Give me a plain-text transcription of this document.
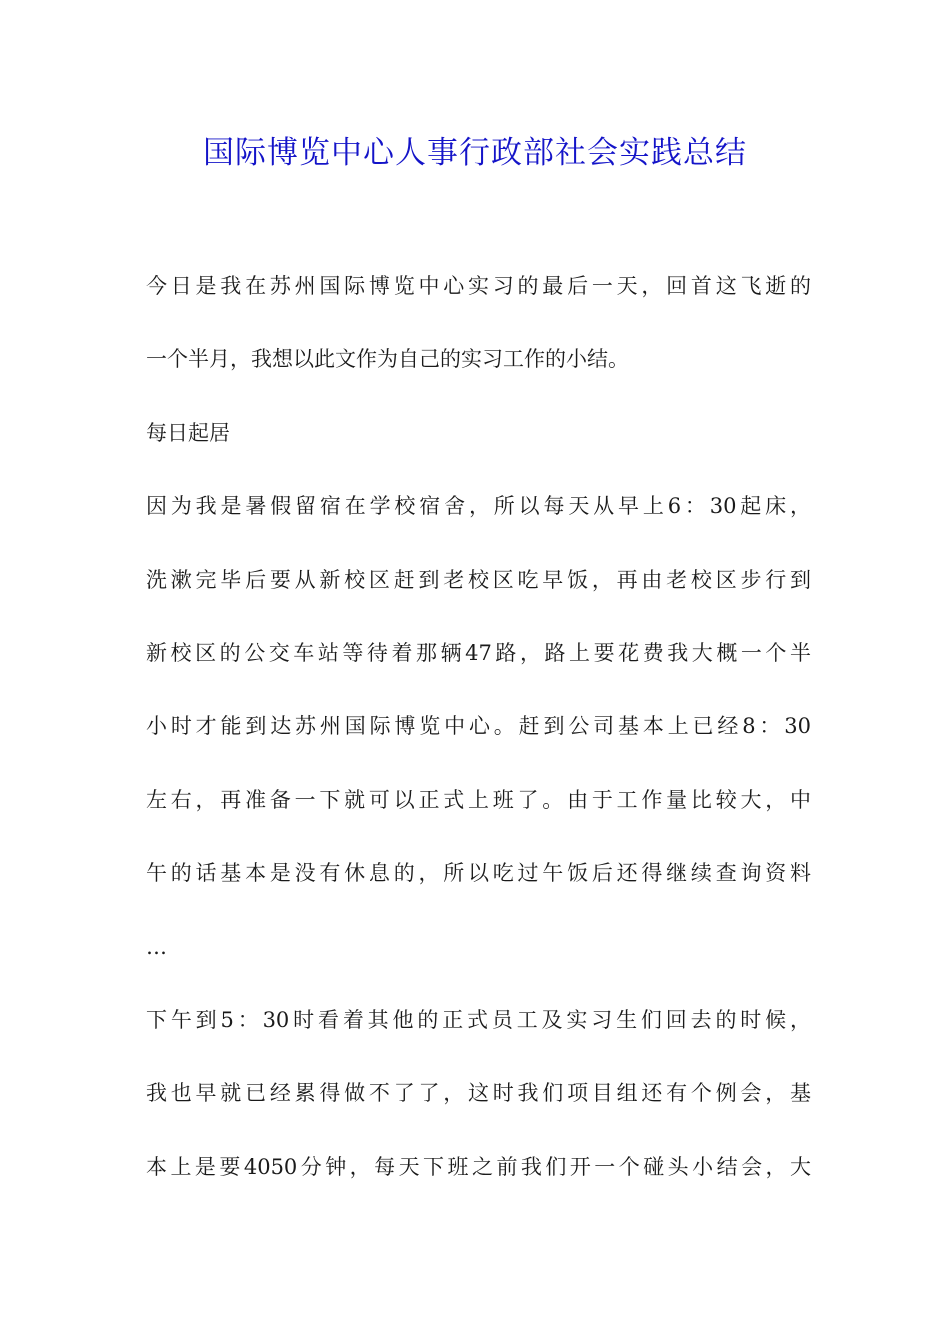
国际博览中心人事行政部社会实践总结
今日是我在苏州国际博览中心实习的最后一天，回首这飞逝的
一个半月，我想以此文作为自己的实习工作的小结。
每日起居
因为我是暑假留宿在学校宿舍，所以每天从早上6：30起床，
洗漱完毕后要从新校区赶到老校区吃早饭，再由老校区步行到
新校区的公交车站等待着那辆47路，路上要花费我大概一个半
小时才能到达苏州国际博览中心。赶到公司基本上已经8：30
左右，再准备一下就可以正式上班了。由于工作量比较大，中
午的话基本是没有休息的，所以吃过午饭后还得继续查询资料
…
下午到5：30时看着其他的正式员工及实习生们回去的时候，
我也早就已经累得做不了了，这时我们项目组还有个例会，基
本上是要4050分钟，每天下班之前我们开一个碰头小结会，大
